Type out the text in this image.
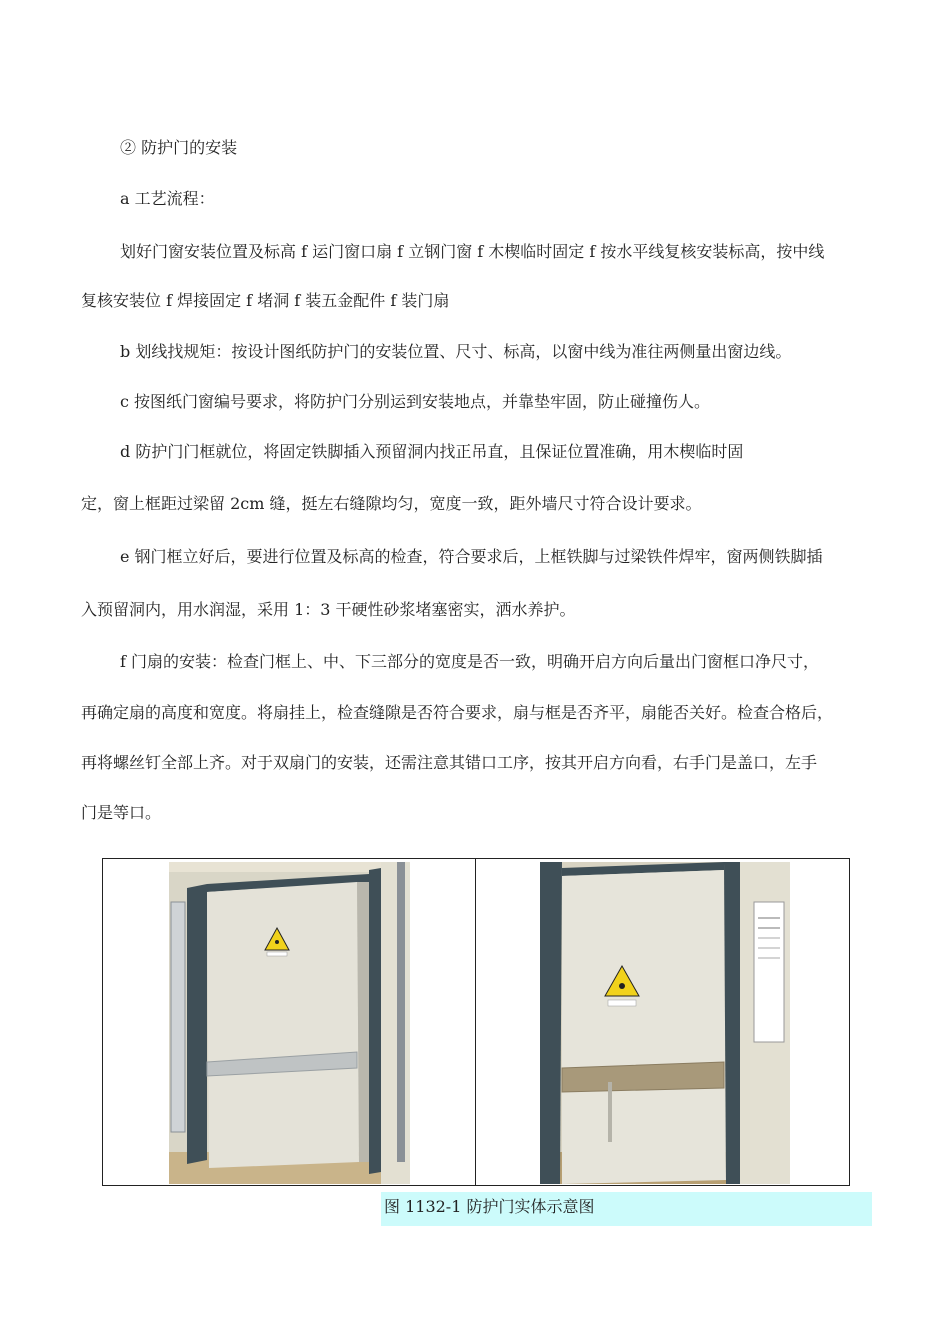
② 防护门的安装
a 工艺流程：
划好门窗安装位置及标高 f 运门窗口扇 f 立钢门窗 f 木楔临时固定 f 按水平线复核安装标高，按中线
复核安装位 f 焊接固定 f 堵洞 f 装五金配件 f 装门扇
b 划线找规矩：按设计图纸防护门的安装位置、尺寸、标高，以窗中线为准往两侧量出窗边线。
c 按图纸门窗编号要求，将防护门分别运到安装地点，并靠垫牢固，防止碰撞伤人。
d 防护门门框就位，将固定铁脚插入预留洞内找正吊直，且保证位置准确，用木楔临时固
定，窗上框距过梁留 2cm 缝，挺左右缝隙均匀，宽度一致，距外墙尺寸符合设计要求。
e 钢门框立好后，要进行位置及标高的检查，符合要求后，上框铁脚与过梁铁件焊牢，窗两侧铁脚插
入预留洞内，用水润湿，采用 1：3 干硬性砂浆堵塞密实，洒水养护。
f 门扇的安装：检查门框上、中、下三部分的宽度是否一致，明确开启方向后量出门窗框口净尺寸，
再确定扇的高度和宽度。将扇挂上，检查缝隙是否符合要求，扇与框是否齐平，扇能否关好。检查合格后，
再将螺丝钉全部上齐。对于双扇门的安装，还需注意其错口工序，按其开启方向看，右手门是盖口，左手
门是等口。
图 1132-1 防护门实体示意图
